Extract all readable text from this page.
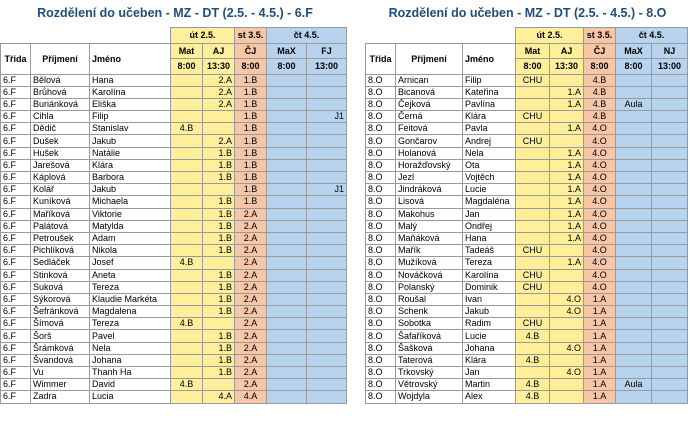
Rozdělení do učeben - MZ - DT (2.5. - 4.5.) - 6.F
			út 2.5.		st 3.5.	čt 4.5.	
Třída	Příjmení	Jméno	Mat	AJ	ČJ	MaX	FJ
			8:00	13:30	8:00	8:00	13:00
6.F	Bělová	Hana		2.A	1.B		
6.F	Brůhová	Karolína		2.A	1.B		
6.F	Buriánková	Eliška		2.A	1.B		
6.F	Cihla	Filip			1.B		J1
6.F	Dědič	Stanislav	4.B		1.B		
6.F	Dušek	Jakub		2.A	1.B		
6.F	Hušek	Natálie		1.B	1.B		
6.F	Jarešová	Klára		1.B	1.B		
6.F	Káplová	Barbora		1.B	1.B		
6.F	Kolář	Jakub			1.B		J1
6.F	Kuníková	Michaela		1.B	1.B		
6.F	Maříková	Viktorie		1.B	2.A		
6.F	Palátová	Matylda		1.B	2.A		
6.F	Petroušek	Adam		1.B	2.A		
6.F	Pichlíková	Nikola		1.B	2.A		
6.F	Sedláček	Josef	4.B		2.A		
6.F	Stinková	Aneta		1.B	2.A		
6.F	Suková	Tereza		1.B	2.A		
6.F	Sýkorová	Klaudie Markéta		1.B	2.A		
6.F	Šefránková	Magdalena		1.B	2.A		
6.F	Šímová	Tereza	4.B		2.A		
6.F	Šorš	Pavel		1.B	2.A		
6.F	Šrámková	Nela		1.B	2.A		
6.F	Švandová	Johana		1.B	2.A		
6.F	Vu	Thanh Ha		1.B	2.A		
6.F	Wimmer	David	4.B		2.A		
6.F	Zadra	Lucia		4.A	4.A		
Rozdělení do učeben - MZ - DT (2.5. - 4.5.) - 8.O
			út 2.5.		st 3.5.	čt 4.5.	
Třída	Příjmení	Jméno	Mat	AJ	ČJ	MaX	NJ
			8:00	13:30	8:00	8:00	13:00
8.O	Arnican	Filip	CHU		4.B		
8.O	Bicanová	Kateřina		1.A	4.B		
8.O	Čejková	Pavlína		1.A	4.B	Aula	
8.O	Černá	Klára	CHU		4.B		
8.O	Feitová	Pavla		1.A	4.O		
8.O	Gončarov	Andrej	CHU		4.O		
8.O	Holanová	Nela		1.A	4.O		
8.O	Horažďovský	Ota		1.A	4.O		
8.O	Jezl	Vojtěch		1.A	4.O		
8.O	Jindráková	Lucie		1.A	4.O		
8.O	Lisová	Magdaléna		1.A	4.O		
8.O	Makohus	Jan		1.A	4.O		
8.O	Malý	Ondřej		1.A	4.O		
8.O	Maňáková	Hana		1.A	4.O		
8.O	Mařík	Tadeáš	CHU		4.O		
8.O	Mužíková	Tereza		1.A	4.O		
8.O	Nováčková	Karolína	CHU		4.O		
8.O	Polanský	Dominik	CHU		4.O		
8.O	Roušal	Ivan		4.O	1.A		
8.O	Schenk	Jakub		4.O	1.A		
8.O	Sobotka	Radim	CHU		1.A		
8.O	Šafaříková	Lucie	4.B		1.A		
8.O	Šašková	Johana		4.O	1.A		
8.O	Taterová	Klára	4.B		1.A		
8.O	Trkovský	Jan		4.O	1.A		
8.O	Větrovský	Martin	4.B		1.A	Aula	
8.O	Wojdyla	Alex	4.B		1.A		
